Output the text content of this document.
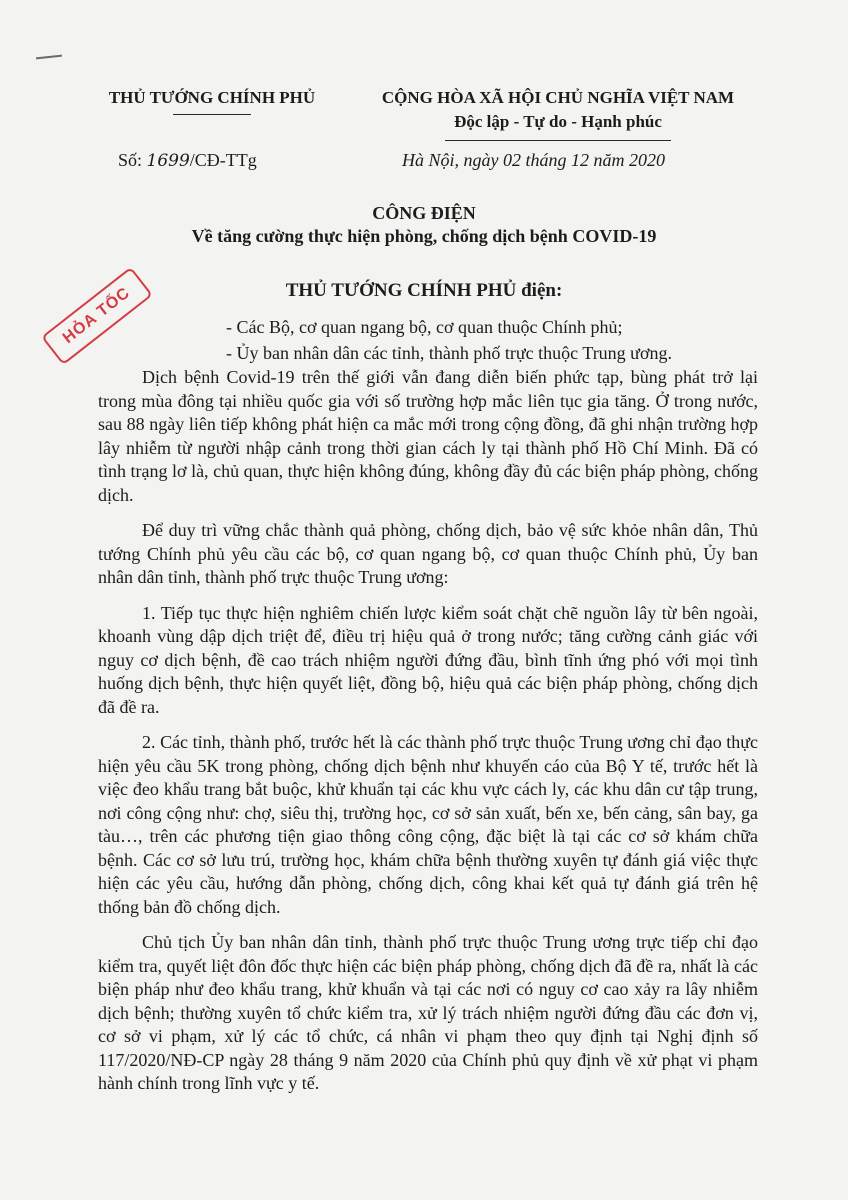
THỦ TƯỚNG CHÍNH PHỦ	CỘNG HÒA XÃ HỘI CHỦ NGHĨA VIỆT NAM
Độc lập - Tự do - Hạnh phúc
Số: 1699/CĐ-TTg	Hà Nội, ngày 02 tháng 12 năm 2020
HỎA TỐC
CÔNG ĐIỆN
Về tăng cường thực hiện phòng, chống dịch bệnh COVID-19
THỦ TƯỚNG CHÍNH PHỦ điện:
- Các Bộ, cơ quan ngang bộ, cơ quan thuộc Chính phủ;
- Ủy ban nhân dân các tỉnh, thành phố trực thuộc Trung ương.

Dịch bệnh Covid-19 trên thế giới vẫn đang diễn biến phức tạp, bùng phát trở lại trong mùa đông tại nhiều quốc gia với số trường hợp mắc liên tục gia tăng. Ở trong nước, sau 88 ngày liên tiếp không phát hiện ca mắc mới trong cộng đồng, đã ghi nhận trường hợp lây nhiễm từ người nhập cảnh trong thời gian cách ly tại thành phố Hồ Chí Minh. Đã có tình trạng lơ là, chủ quan, thực hiện không đúng, không đầy đủ các biện pháp phòng, chống dịch.

Để duy trì vững chắc thành quả phòng, chống dịch, bảo vệ sức khỏe nhân dân, Thủ tướng Chính phủ yêu cầu các bộ, cơ quan ngang bộ, cơ quan thuộc Chính phủ, Ủy ban nhân dân tỉnh, thành phố trực thuộc Trung ương:

1. Tiếp tục thực hiện nghiêm chiến lược kiểm soát chặt chẽ nguồn lây từ bên ngoài, khoanh vùng dập dịch triệt để, điều trị hiệu quả ở trong nước; tăng cường cảnh giác với nguy cơ dịch bệnh, đề cao trách nhiệm người đứng đầu, bình tĩnh ứng phó với mọi tình huống dịch bệnh, thực hiện quyết liệt, đồng bộ, hiệu quả các biện pháp phòng, chống dịch đã đề ra.

2. Các tỉnh, thành phố, trước hết là các thành phố trực thuộc Trung ương chỉ đạo thực hiện yêu cầu 5K trong phòng, chống dịch bệnh như khuyến cáo của Bộ Y tế, trước hết là việc đeo khẩu trang bắt buộc, khử khuẩn tại các khu vực cách ly, các khu dân cư tập trung, nơi công cộng như: chợ, siêu thị, trường học, cơ sở sản xuất, bến xe, bến cảng, sân bay, ga tàu…, trên các phương tiện giao thông công cộng, đặc biệt là tại các cơ sở khám chữa bệnh. Các cơ sở lưu trú, trường học, khám chữa bệnh thường xuyên tự đánh giá việc thực hiện các yêu cầu, hướng dẫn phòng, chống dịch, công khai kết quả tự đánh giá trên hệ thống bản đồ chống dịch.

Chủ tịch Ủy ban nhân dân tỉnh, thành phố trực thuộc Trung ương trực tiếp chỉ đạo kiểm tra, quyết liệt đôn đốc thực hiện các biện pháp phòng, chống dịch đã đề ra, nhất là các biện pháp như đeo khẩu trang, khử khuẩn và tại các nơi có nguy cơ cao xảy ra lây nhiễm dịch bệnh; thường xuyên tổ chức kiểm tra, xử lý trách nhiệm người đứng đầu các đơn vị, cơ sở vi phạm, xử lý các tổ chức, cá nhân vi phạm theo quy định tại Nghị định số 117/2020/NĐ-CP ngày 28 tháng 9 năm 2020 của Chính phủ quy định về xử phạt vi phạm hành chính trong lĩnh vực y tế.
